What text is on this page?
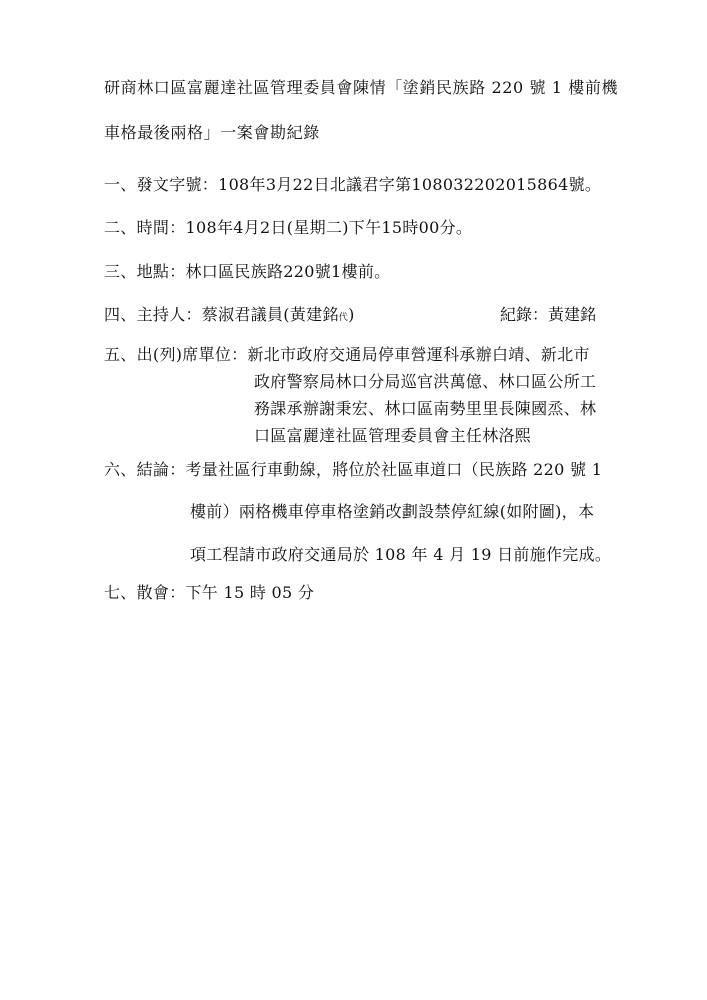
研商林口區富麗達社區管理委員會陳情「塗銷民族路 220 號 1 樓前機
車格最後兩格」一案會勘紀錄
一、發文字號：108年3月22日北議君字第108032202015864號。
二、時間：108年4月2日(星期二)下午15時00分。
三、地點：林口區民族路220號1樓前。
四、主持人：蔡淑君議員(黃建銘代)	紀錄：黃建銘
五、出(列)席單位：新北市政府交通局停車營運科承辦白靖、新北市
政府警察局林口分局巡官洪萬億、林口區公所工
務課承辦謝秉宏、林口區南勢里里長陳國烝、林
口區富麗達社區管理委員會主任林洛熙
六、結論：考量社區行車動線，將位於社區車道口（民族路 220 號 1
樓前）兩格機車停車格塗銷改劃設禁停紅線(如附圖)，本
項工程請市政府交通局於 108 年 4 月 19 日前施作完成。
七、散會：下午 15 時 05 分
